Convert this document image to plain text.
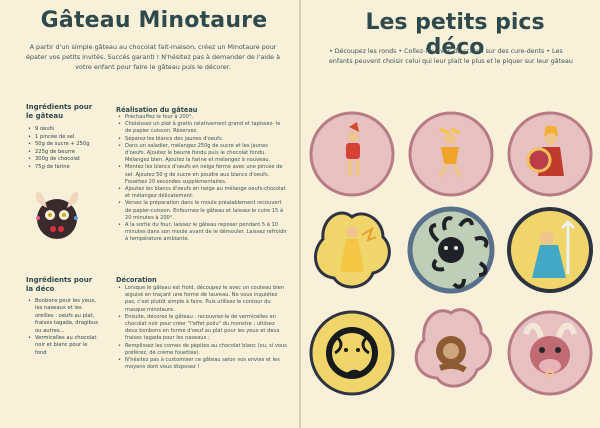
Gâteau Minotaure
A partir d'un simple gâteau au chocolat fait-maison, créez un Minotaure pour épater vos petits invités. Succès garanti ! N'hésitez pas à demander de l'aide à votre enfant pour faire le gâteau puis le décorer.
Ingrédients pour le gâteau
• 9 oeufs
• 1 pincée de sel
• 50g de sucre + 250g
• 225g de beurre
• 300g de chocolat
• 75g de farine
Ingrédients pour la déco
• Bonbons pour les yeux, les naseaux et les oreilles : oeufs au plat, fraises tagada, dragibus ou autres...
• Vermicelles au chocolat noir et blanc pour le fond
Réalisation du gâteau
• Préchauffez le four à 200°.
• Choisissez un plat à gratin relativement grand et tapissez- le de papier cuisson. Réservez.
• Séparez les blancs des jaunes d'oeufs.
• Dans un saladier, mélangez 250g de sucre et les jaunes d'oeufs. Ajoutez le beurre fondu puis le chocolat fondu. Mélangez bien. Ajoutez la farine et mélangez à nouveau.
• Montez les blancs d'oeufs en neige ferme avec une pincée de sel. Ajoutez 50 g de sucre en poudre aux blancs d'oeufs. Fouettez 20 secondes supplémentaires.
• Ajoutez les blancs d'oeufs en neige au mélange oeufs-chocolat et mélangez délicatement.
• Versez la préparation dans le moule préalablement recouvert de papier-cuisson. Enfournez le gâteau et laissez-le cuire 15 à 20 minutes à 200°.
• A la sortie du four, laissez le gâteau reposer pendant 5 à 10 minutes dans son moule avant de le démouler. Laissez refroidir à température ambiante.
Décoration
• Lorsque le gâteau est froid, découpez le avec un couteau bien aiguisé en traçant une forme de taureau. Ne vous inquiétez pas, c'est plutôt simple à faire. Puis utilisez le contour du masque minotaure.
• Ensuite, décorez le gâteau : recouvrez-le de vermicelles en chocolat noir pour créer "l'effet poilu" du monstre ; utilisez deux bonbons en forme d'oeuf au plat pour les yeux et deux fraises tagada pour les naseaux ;
• Remplissez les cornes de pépites au chocolat blanc (ou, si vous préférez, de crème fouettée).
• N'hésitez pas à customiser ce gâteau selon vos envies et les moyens dont vous disposez !
Les petits pics déco
• Découpez les ronds • Collez-les avec du scotch sur des cure-dents • Les enfants peuvent choisir celui qui leur plait le plus et le piquer sur leur gâteau
